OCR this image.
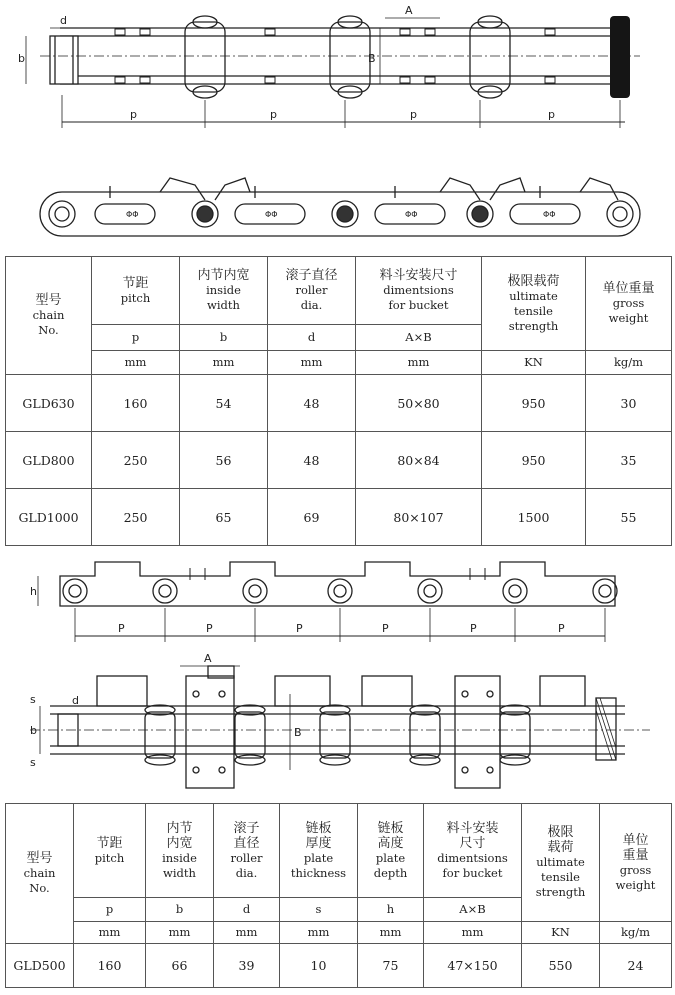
d
b
A
B
p	p	p	p
ΦΦ	ΦΦ	ΦΦ	ΦΦ
型号
chain
No.	节距
pitch	内节内宽
inside
width	滚子直径
roller
dia.	料斗安装尺寸
dimentsions
for bucket	极限载荷
ultimate
tensile
strength	单位重量
gross
weight

	p	b	d	A×B		
	mm	mm	mm	mm	KN	kg/m
GLD630	160	54	48	50×80	950	30
GLD800	250	56	48	80×84	950	35
GLD1000	250	65	69	80×107	1500	55
h
P	P	P	P	P	P
A
B
d
b
s
s
型号
chain
No.	节距
pitch	内节
内宽
inside
width	滚子
直径
roller
dia.	链板
厚度
plate
thickness	链板
高度
plate
depth	料斗安装
尺寸
dimentsions
for bucket	极限
载荷
ultimate
tensile
strength	单位
重量
gross
weight

	p	b	d	s	h	A×B		
	mm	mm	mm	mm	mm	mm	KN	kg/m
GLD500	160	66	39	10	75	47×150	550	24
